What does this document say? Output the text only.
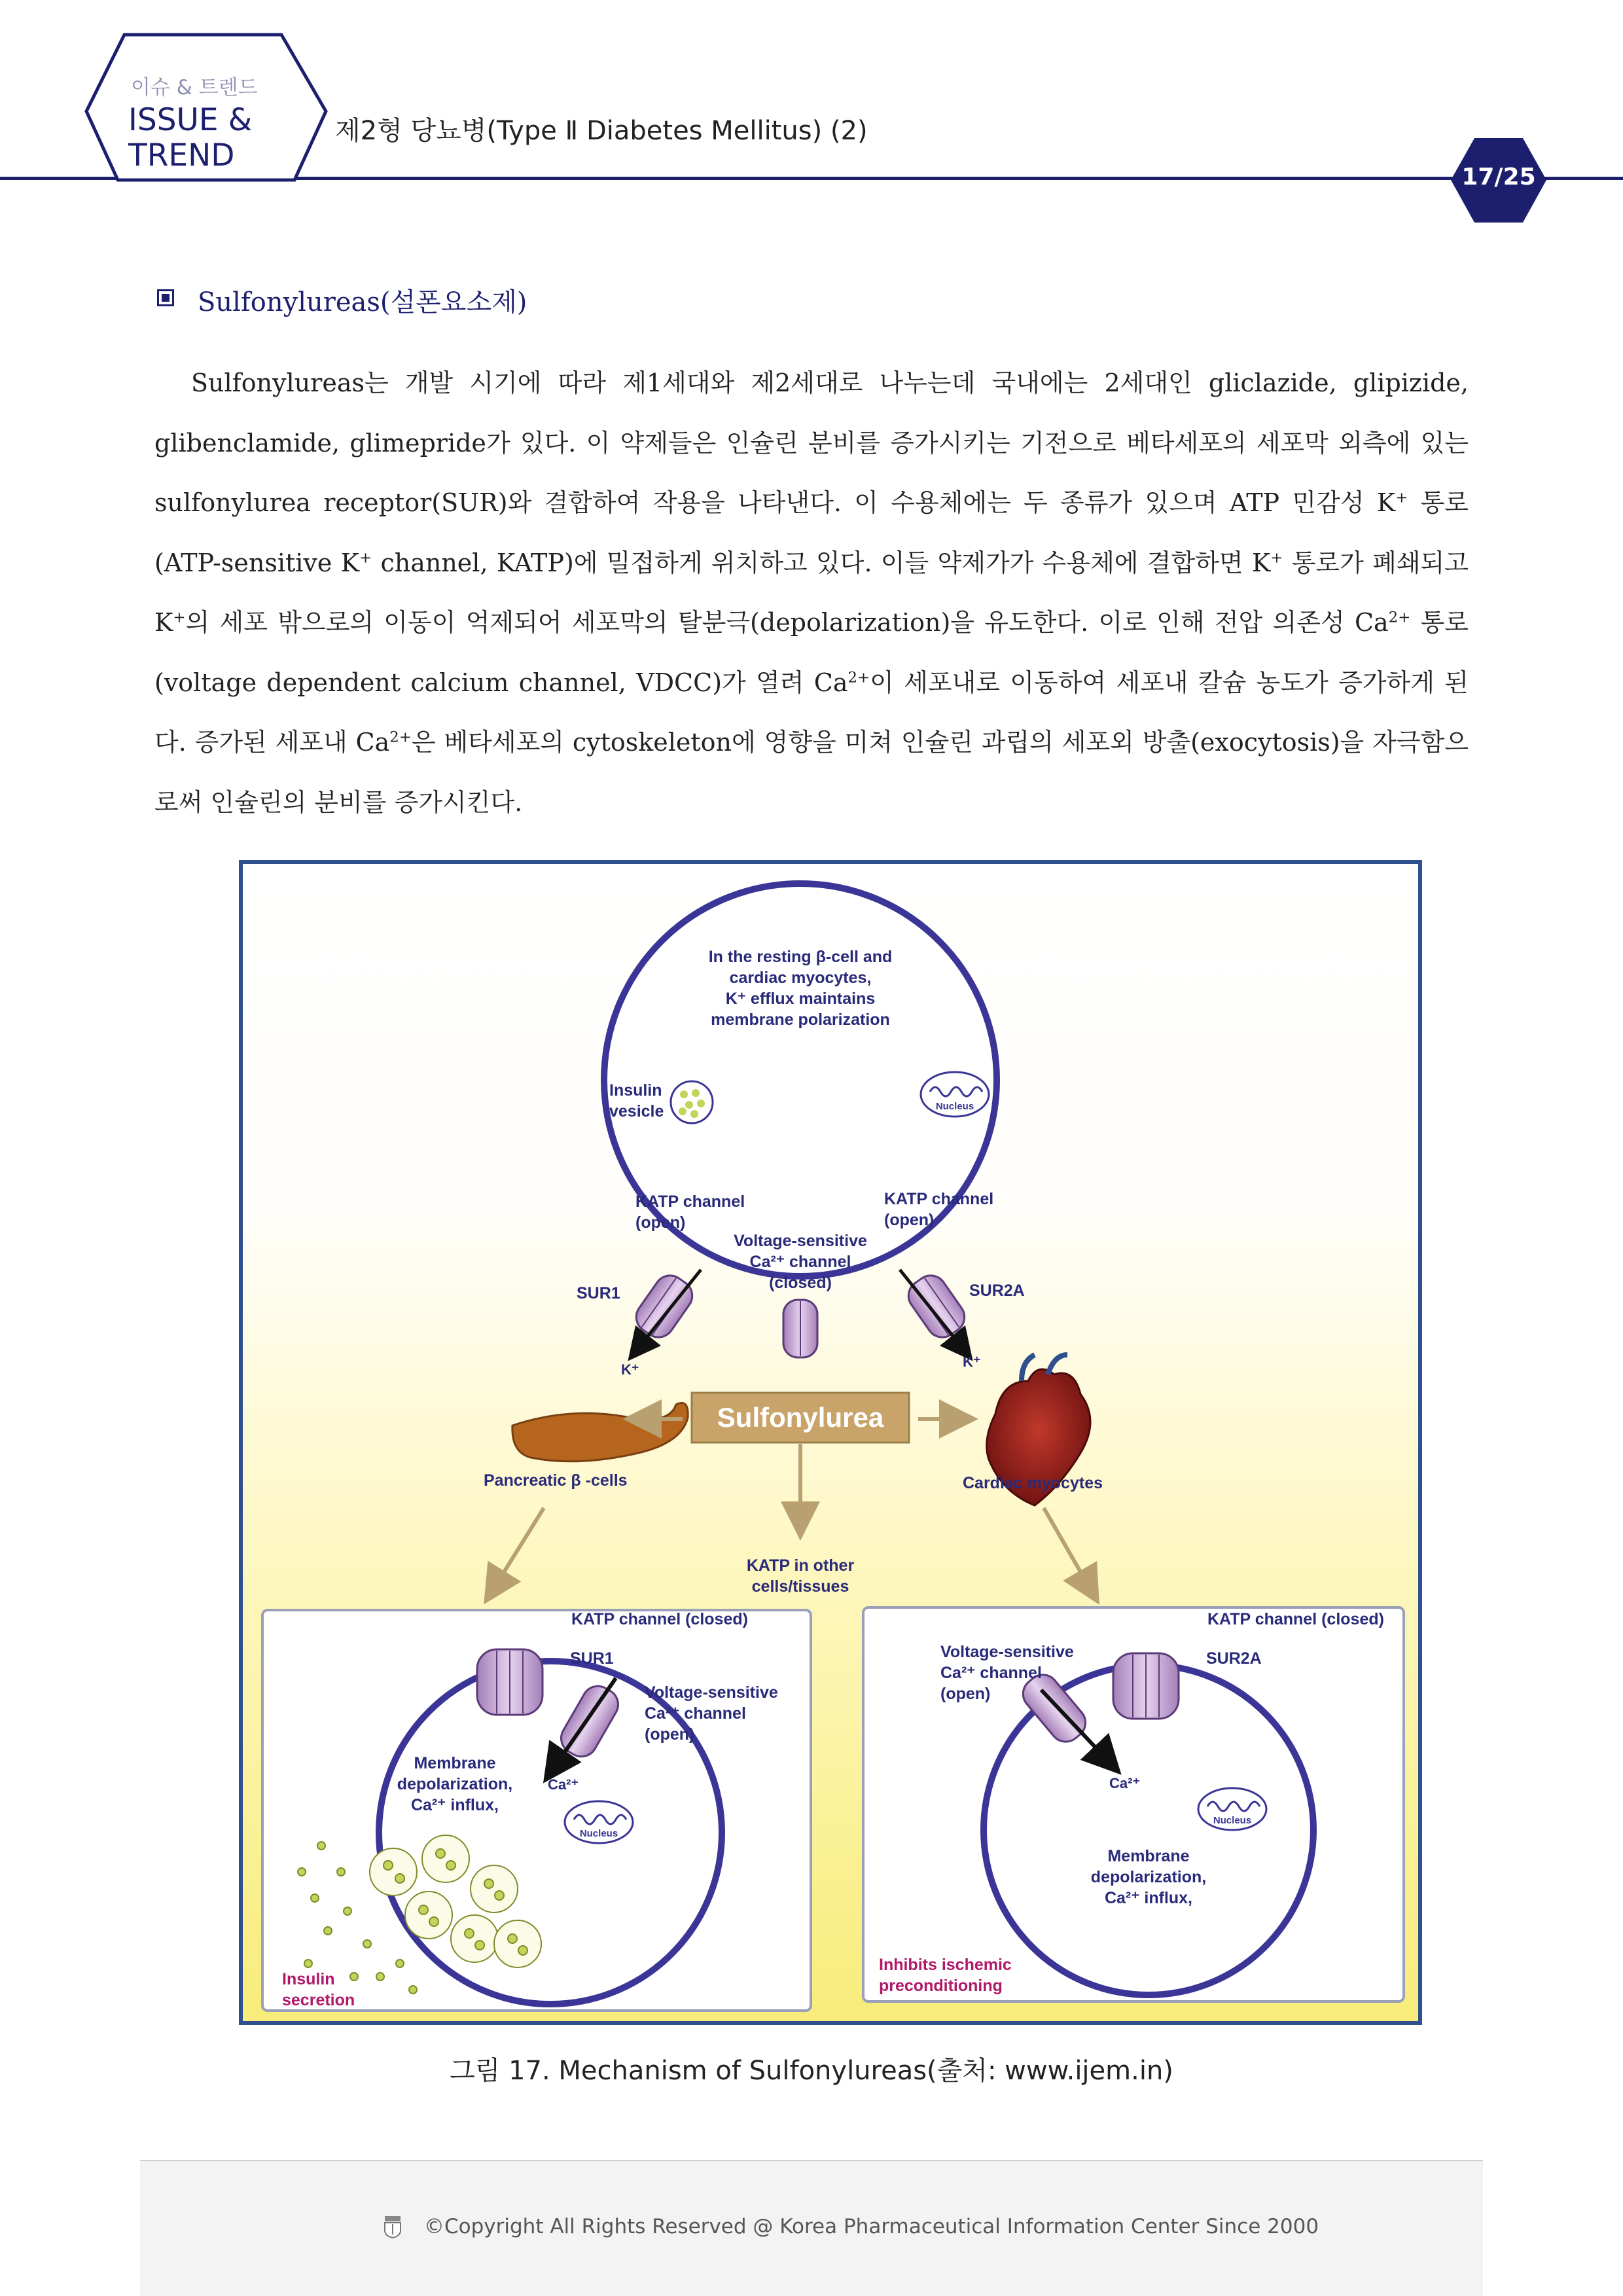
이슈 & 트렌드
ISSUE &
TREND
제2형 당뇨병(Type Ⅱ Diabetes Mellitus) (2)
17/25
Sulfonylureas(설폰요소제)

Sulfonylureas는 개발 시기에 따라 제1세대와 제2세대로 나누는데 국내에는 2세대인 gliclazide, glipizide, glibenclamide, glimepride가 있다. 이 약제들은 인슐린 분비를 증가시키는 기전으로 베타세포의 세포막 외측에 있는 sulfonylurea receptor(SUR)와 결합하여 작용을 나타낸다. 이 수용체에는 두 종류가 있으며 ATP 민감성 K+ 통로(ATP-sensitive K+ channel, KATP)에 밀접하게 위치하고 있다. 이들 약제가가 수용체에 결합하면 K+ 통로가 폐쇄되고 K+의 세포 밖으로의 이동이 억제되어 세포막의 탈분극(depolarization)을 유도한다. 이로 인해 전압 의존성 $Ca^{2+}$ 통로(voltage dependent calcium channel, VDCC)가 열려 $Ca^{2+}$이 세포내로 이동하여 세포내 칼슘 농도가 증가하게 된다. 증가된 세포내 $Ca^{2+}$은 베타세포의 cytoskeleton에 영향을 미쳐 인슐린 과립의 세포외 방출(exocytosis)을 자극함으로써 인슐린의 분비를 증가시킨다.

In the resting β-cell and
cardiac myocytes,
K⁺ efflux maintains
membrane polarization
Insulin
vesicle	Nucleus
KATP channel
(open)
KATP channel
(open)
Voltage-sensitive
Ca²⁺ channel
(closed)
SUR1	SUR2A
K⁺	K⁺
Sulfonylurea
Pancreatic β -cells	Cardiac myocytes
KATP in other
cells/tissues
KATP channel (closed)
SUR1
Voltage-sensitive
Ca²⁺ channel
(open)
Ca²⁺
Membrane
depolarization,
Ca²⁺ influx,
Nucleus
Insulin
secretion
Voltage-sensitive
Ca²⁺ channel
(open)
KATP channel (closed)
SUR2A
Ca²⁺
Nucleus
Membrane
depolarization,
Ca²⁺ influx,
Inhibits ischemic
preconditioning
그림 17. Mechanism of Sulfonylureas(출처: www.ijem.in)
©Copyright All Rights Reserved @ Korea Pharmaceutical Information Center Since 2000
